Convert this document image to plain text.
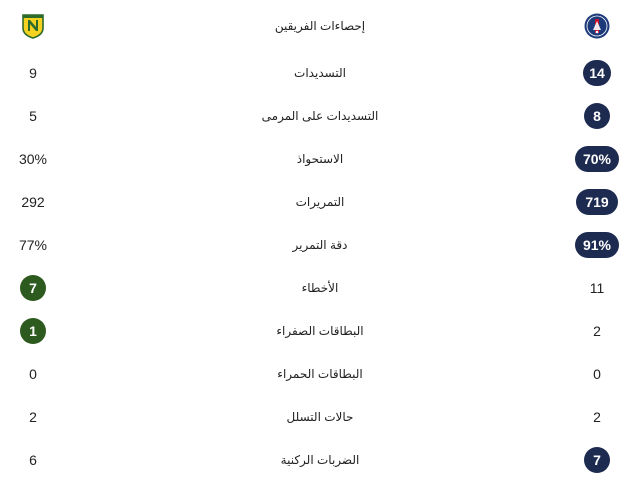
إحصاءات الفريقين
9	التسديدات	14
5	التسديدات على المرمى	8
30%	الاستحواذ	70%
292	التمريرات	719
77%	دقة التمرير	91%
7	الأخطاء	11
1	البطاقات الصفراء	2
0	البطاقات الحمراء	0
2	حالات التسلل	2
6	الضربات الركنية	7
